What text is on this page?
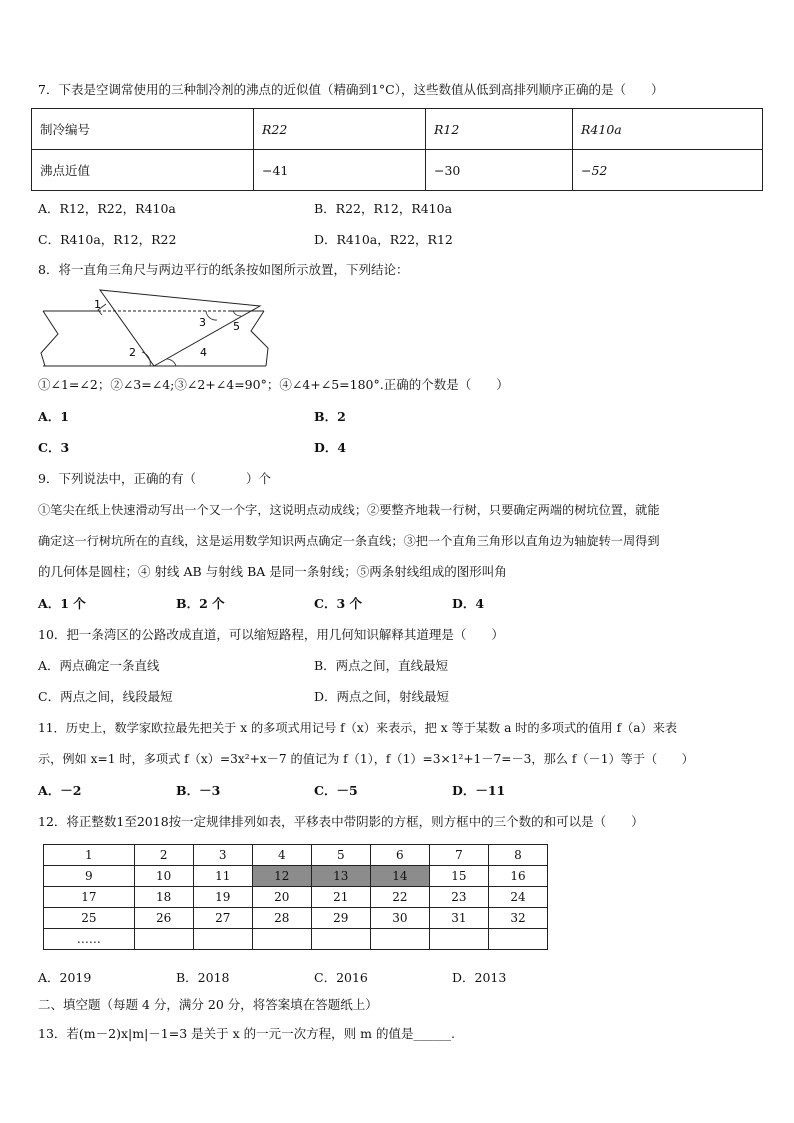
7．下表是空调常使用的三种制冷剂的沸点的近似值（精确到1°C），这些数值从低到高排列顺序正确的是（　　）
制冷编号	R22	R12	R410a
沸点近值	−41	−30	−52
A．R12，R22，R410a	B．R22，R12，R410a
C．R410a，R12，R22	D．R410a，R22，R12
8．将一直角三角尺与两边平行的纸条按如图所示放置，下列结论：
1
2
3
4
5
①∠1=∠2；②∠3=∠4;③∠2+∠4=90°；④∠4+∠5=180°.正确的个数是（　　）
A．1	B．2
C．3	D．4
9．下列说法中，正确的有（　　　　）个
①笔尖在纸上快速滑动写出一个又一个字，这说明点动成线；②要整齐地栽一行树，只要确定两端的树坑位置，就能
确定这一行树坑所在的直线，这是运用数学知识两点确定一条直线；③把一个直角三角形以直角边为轴旋转一周得到
的几何体是圆柱；④ 射线 AB 与射线 BA 是同一条射线；⑤两条射线组成的图形叫角
A．1 个	B．2 个	C．3 个	D．4
10．把一条湾区的公路改成直道，可以缩短路程，用几何知识解释其道理是（　　）
A．两点确定一条直线	B．两点之间，直线最短
C．两点之间，线段最短	D．两点之间，射线最短
11．历史上，数学家欧拉最先把关于 x 的多项式用记号 f（x）来表示，把 x 等于某数 a 时的多项式的值用 f（a）来表
示，例如 x=1 时，多项式 f（x）=3x²+x－7 的值记为 f（1），f（1）=3×1²+1－7=－3，那么 f（－1）等于（　　）
A．－2	B．－3	C．－5	D．－11
12．将正整数1至2018按一定规律排列如表，平移表中带阴影的方框，则方框中的三个数的和可以是（　　）
1	2	3	4	5	6	7	8
9	10	11	12	13	14	15	16
17	18	19	20	21	22	23	24
25	26	27	28	29	30	31	32
……							
A．2019	B．2018	C．2016	D．2013
二、填空题（每题 4 分，满分 20 分，将答案填在答题纸上）
13．若(m－2)x|m|－1=3 是关于 x 的一元一次方程，则 m 的值是______.
